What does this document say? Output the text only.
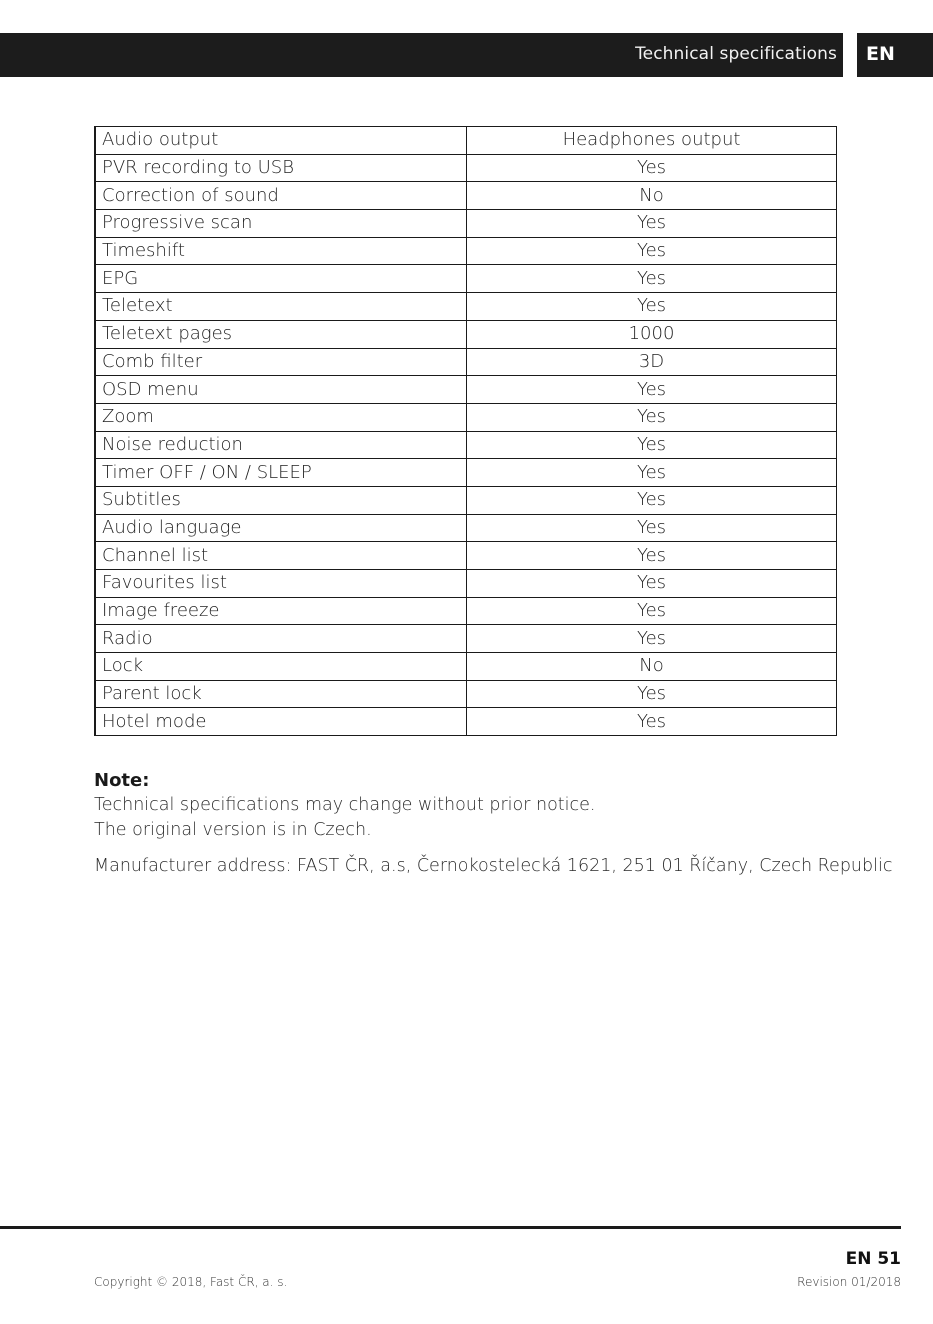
Technical specifications EN
Audio output	Headphones output
PVR recording to USB	Yes
Correction of sound	No
Progressive scan	Yes
Timeshift	Yes
EPG	Yes
Teletext	Yes
Teletext pages	1000
Comb filter	3D
OSD menu	Yes
Zoom	Yes
Noise reduction	Yes
Timer OFF / ON / SLEEP	Yes
Subtitles	Yes
Audio language	Yes
Channel list	Yes
Favourites list	Yes
Image freeze	Yes
Radio	Yes
Lock	No
Parent lock	Yes
Hotel mode	Yes
Note:
Technical specifications may change without prior notice.
The original version is in Czech.
Manufacturer address: FAST ČR, a.s, Černokostelecká 1621, 251 01 Říčany, Czech Republic
EN 51
Copyright © 2018, Fast ČR, a. s.	Revision 01/2018
